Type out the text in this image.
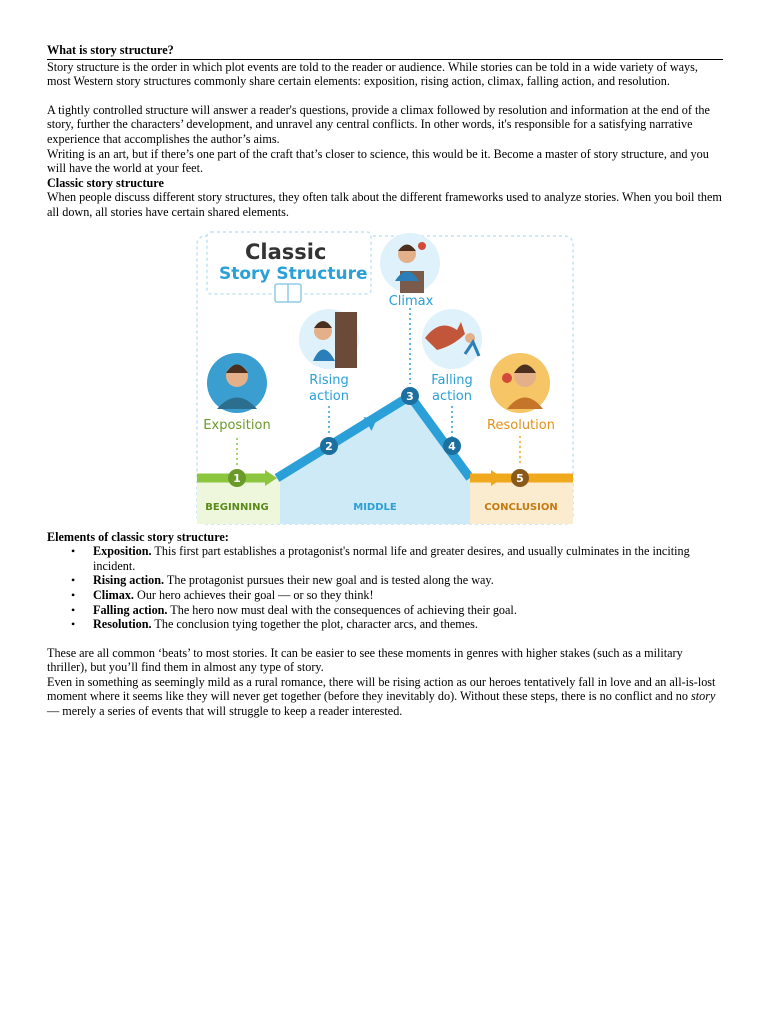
What is story structure?

Story structure is the order in which plot events are told to the reader or audience. While stories can be told in a wide variety of ways, most Western story structures commonly share certain elements: exposition, rising action, climax, falling action, and resolution.

A tightly controlled structure will answer a reader's questions, provide a climax followed by resolution and information at the end of the story, further the characters’ development, and unravel any central conflicts. In other words, it's responsible for a satisfying narrative experience that accomplishes the author’s aims.

Writing is an art, but if there’s one part of the craft that’s closer to science, this would be it. Become a master of story structure, and you will have the world at your feet.

Classic story structure

When people discuss different story structures, they often talk about the different frameworks used to analyze stories. When you boil them all down, all stories have certain shared elements.

Classic
Story Structure
1
2
3
4
5
Exposition
Rising
action
Climax
Falling
action
Resolution
BEGINNING	MIDDLE	CONCLUSION
Elements of classic story structure:
• Exposition. This first part establishes a protagonist's normal life and greater desires, and usually culminates in the inciting incident.
• Rising action. The protagonist pursues their new goal and is tested along the way.
• Climax. Our hero achieves their goal — or so they think!
• Falling action. The hero now must deal with the consequences of achieving their goal.
• Resolution. The conclusion tying together the plot, character arcs, and themes.

These are all common ‘beats’ to most stories. It can be easier to see these moments in genres with higher stakes (such as a military thriller), but you’ll find them in almost any type of story.

Even in something as seemingly mild as a rural romance, there will be rising action as our heroes tentatively fall in love and an all-is-lost moment where it seems like they will never get together (before they inevitably do). Without these steps, there is no conflict and no story — merely a series of events that will struggle to keep a reader interested.
